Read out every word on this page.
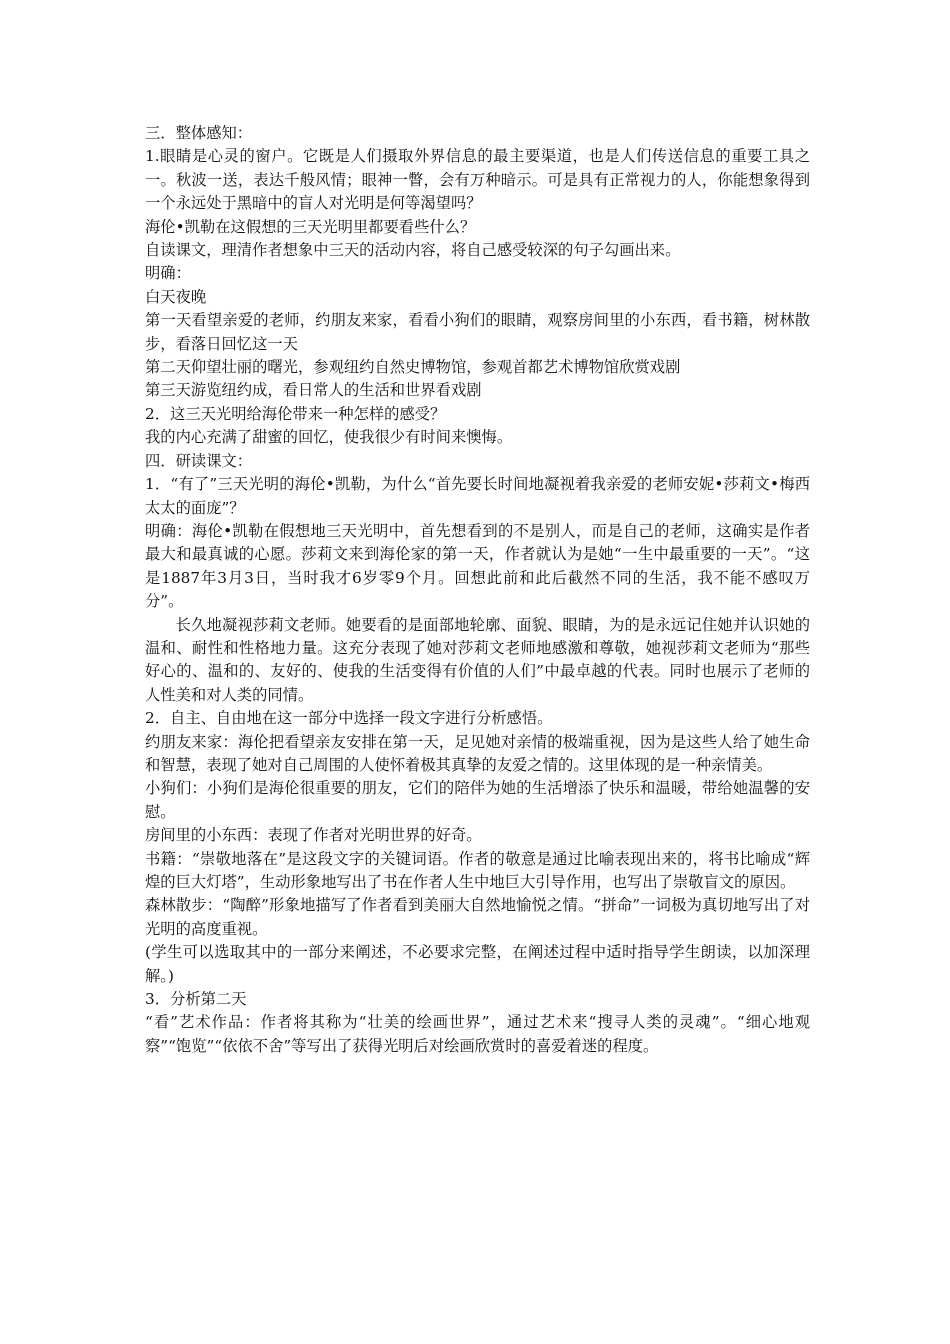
三．整体感知：

1.眼睛是心灵的窗户。它既是人们摄取外界信息的最主要渠道，也是人们传送信息的重要工具之一。秋波一送，表达千般风情；眼神一瞥，会有万种暗示。可是具有正常视力的人，你能想象得到一个永远处于黑暗中的盲人对光明是何等渴望吗？

海伦•凯勒在这假想的三天光明里都要看些什么？

自读课文，理清作者想象中三天的活动内容，将自己感受较深的句子勾画出来。

明确：

白天夜晚

第一天看望亲爱的老师，约朋友来家，看看小狗们的眼睛，观察房间里的小东西，看书籍，树林散步，看落日回忆这一天

第二天仰望壮丽的曙光，参观纽约自然史博物馆，参观首都艺术博物馆欣赏戏剧

第三天游览纽约成，看日常人的生活和世界看戏剧

2．这三天光明给海伦带来一种怎样的感受？

我的内心充满了甜蜜的回忆，使我很少有时间来懊悔。

四．研读课文：

1．“有了”三天光明的海伦•凯勒，为什么“首先要长时间地凝视着我亲爱的老师安妮•莎莉文•梅西太太的面庞”？

明确：海伦•凯勒在假想地三天光明中，首先想看到的不是别人，而是自己的老师，这确实是作者最大和最真诚的心愿。莎莉文来到海伦家的第一天，作者就认为是她“一生中最重要的一天”。“这是1887年3月3日，当时我才6岁零9个月。回想此前和此后截然不同的生活，我不能不感叹万分”。

长久地凝视莎莉文老师。她要看的是面部地轮廓、面貌、眼睛，为的是永远记住她并认识她的温和、耐性和性格地力量。这充分表现了她对莎莉文老师地感激和尊敬，她视莎莉文老师为“那些好心的、温和的、友好的、使我的生活变得有价值的人们”中最卓越的代表。同时也展示了老师的人性美和对人类的同情。

2．自主、自由地在这一部分中选择一段文字进行分析感悟。

约朋友来家：海伦把看望亲友安排在第一天，足见她对亲情的极端重视，因为是这些人给了她生命和智慧，表现了她对自己周围的人使怀着极其真挚的友爱之情的。这里体现的是一种亲情美。

小狗们：小狗们是海伦很重要的朋友，它们的陪伴为她的生活增添了快乐和温暖，带给她温馨的安慰。

房间里的小东西：表现了作者对光明世界的好奇。

书籍：“崇敬地落在”是这段文字的关键词语。作者的敬意是通过比喻表现出来的，将书比喻成“辉煌的巨大灯塔”，生动形象地写出了书在作者人生中地巨大引导作用，也写出了崇敬盲文的原因。

森林散步：“陶醉”形象地描写了作者看到美丽大自然地愉悦之情。“拼命”一词极为真切地写出了对光明的高度重视。

(学生可以选取其中的一部分来阐述，不必要求完整，在阐述过程中适时指导学生朗读，以加深理解。)

3．分析第二天

“看”艺术作品：作者将其称为“壮美的绘画世界”，通过艺术来“搜寻人类的灵魂”。“细心地观察”“饱览”“依依不舍”等写出了获得光明后对绘画欣赏时的喜爱着迷的程度。
